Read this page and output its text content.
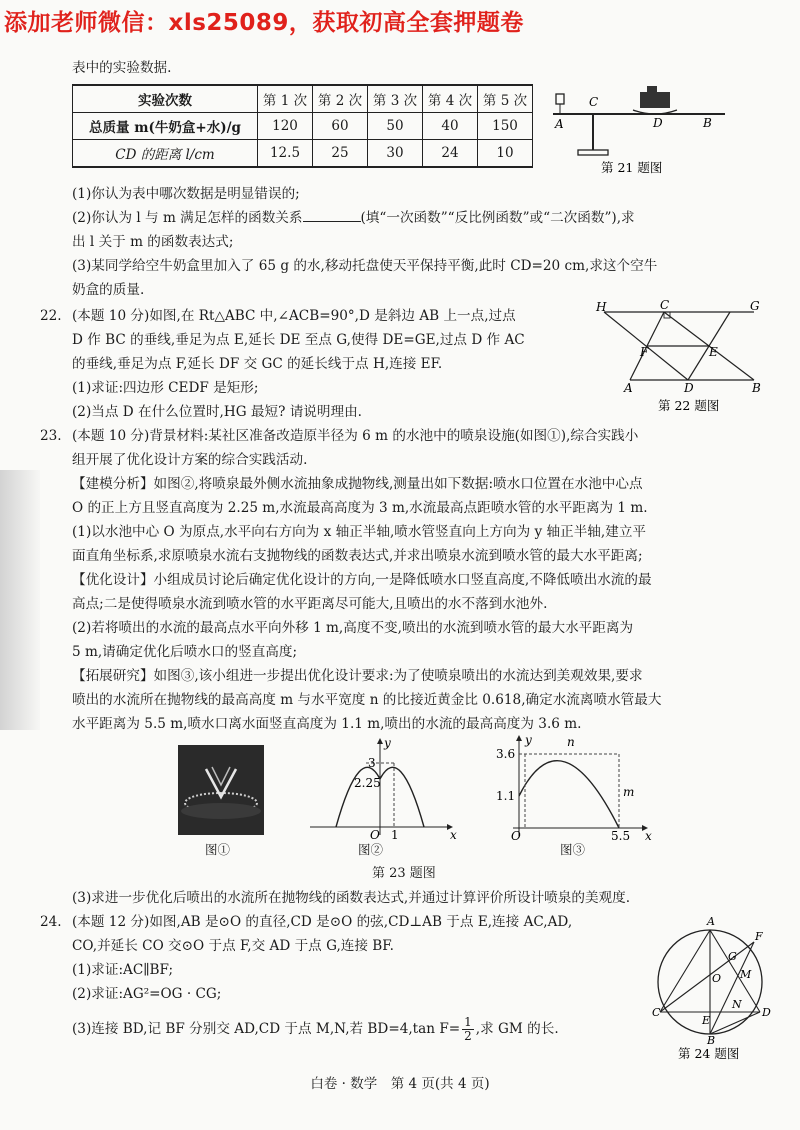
添加老师微信：xls25089，获取初高全套押题卷
表中的实验数据.
实验次数	第 1 次	第 2 次	第 3 次	第 4 次	第 5 次
总质量 m(牛奶盒+水)/g	120	60	50	40	150
CD 的距离 l/cm	12.5	25	30	24	10
A
C
D	B
第 21 题图
(1)你认为表中哪次数据是明显错误的;
(2)你认为 l 与 m 满足怎样的函数关系	(填“一次函数”“反比例函数”或“二次函数”),求
出 l 关于 m 的函数表达式;
(3)某同学给空牛奶盒里加入了 65 g 的水,移动托盘使天平保持平衡,此时 CD=20 cm,求这个空牛
奶盒的质量.
22. (本题 10 分)如图,在 Rt△ABC 中,∠ACB=90°,D 是斜边 AB 上一点,过点
D 作 BC 的垂线,垂足为点 E,延长 DE 至点 G,使得 DE=GE,过点 D 作 AC
的垂线,垂足为点 F,延长 DF 交 GC 的延长线于点 H,连接 EF.
(1)求证:四边形 CEDF 是矩形;
(2)当点 D 在什么位置时,HG 最短? 请说明理由.
H	C	G
F	E
A	D	B
第 22 题图
23. (本题 10 分)背景材料:某社区准备改造原半径为 6 m 的水池中的喷泉设施(如图①),综合实践小
组开展了优化设计方案的综合实践活动.
【建模分析】如图②,将喷泉最外侧水流抽象成抛物线,测量出如下数据:喷水口位置在水池中心点
O 的正上方且竖直高度为 2.25 m,水流最高高度为 3 m,水流最高点距喷水管的水平距离为 1 m.
(1)以水池中心 O 为原点,水平向右方向为 x 轴正半轴,喷水管竖直向上方向为 y 轴正半轴,建立平
面直角坐标系,求原喷泉水流右支抛物线的函数表达式,并求出喷泉水流到喷水管的最大水平距离;
【优化设计】小组成员讨论后确定优化设计的方向,一是降低喷水口竖直高度,不降低喷出水流的最
高点;二是使得喷泉水流到喷水管的水平距离尽可能大,且喷出的水不落到水池外.
(2)若将喷出的水流的最高点水平向外移 1 m,高度不变,喷出的水流到喷水管的最大水平距离为
5 m,请确定优化后喷水口的竖直高度;
【拓展研究】如图③,该小组进一步提出优化设计要求:为了使喷泉喷出的水流达到美观效果,要求
喷出的水流所在抛物线的最高高度 m 与水平宽度 n 的比接近黄金比 0.618,确定水流离喷水管最大
水平距离为 5.5 m,喷水口离水面竖直高度为 1.1 m,喷出的水流的最高高度为 3.6 m.
图①
y
x
O
3
2.25
1
图②
y
x
O
3.6
1.1
n
m
5.5
图③
第 23 题图
(3)求进一步优化后喷出的水流所在抛物线的函数表达式,并通过计算评价所设计喷泉的美观度.
24. (本题 12 分)如图,AB 是⊙O 的直径,CD 是⊙O 的弦,CD⊥AB 于点 E,连接 AC,AD,
CO,并延长 CO 交⊙O 于点 F,交 AD 于点 G,连接 BF.
(1)求证:AC∥BF;
(2)求证:AG²=OG · CG;
(3)连接 BD,记 BF 分别交 AD,CD 于点 M,N,若 BD=4,tan $F= \frac{1}{2}$ ,求 GM 的长.
A
F
G
O M
C
E
N
D
B
第 24 题图
白卷 · 数学　第 4 页(共 4 页)
